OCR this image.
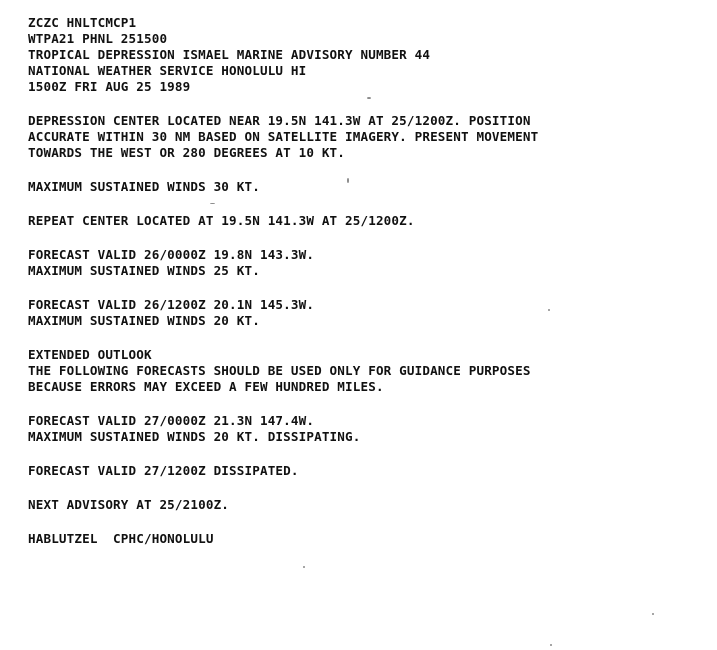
ZCZC HNLTCMCP1
WTPA21 PHNL 251500
TROPICAL DEPRESSION ISMAEL MARINE ADVISORY NUMBER 44
NATIONAL WEATHER SERVICE HONOLULU HI
1500Z FRI AUG 25 1989
DEPRESSION CENTER LOCATED NEAR 19.5N 141.3W AT 25/1200Z. POSITION
ACCURATE WITHIN 30 NM BASED ON SATELLITE IMAGERY. PRESENT MOVEMENT
TOWARDS THE WEST OR 280 DEGREES AT 10 KT.
MAXIMUM SUSTAINED WINDS 30 KT.
REPEAT CENTER LOCATED AT 19.5N 141.3W AT 25/1200Z.
FORECAST VALID 26/0000Z 19.8N 143.3W.
MAXIMUM SUSTAINED WINDS 25 KT.
FORECAST VALID 26/1200Z 20.1N 145.3W.
MAXIMUM SUSTAINED WINDS 20 KT.
EXTENDED OUTLOOK
THE FOLLOWING FORECASTS SHOULD BE USED ONLY FOR GUIDANCE PURPOSES
BECAUSE ERRORS MAY EXCEED A FEW HUNDRED MILES.
FORECAST VALID 27/0000Z 21.3N 147.4W.
MAXIMUM SUSTAINED WINDS 20 KT. DISSIPATING.
FORECAST VALID 27/1200Z DISSIPATED.
NEXT ADVISORY AT 25/2100Z.
HABLUTZEL  CPHC/HONOLULU
